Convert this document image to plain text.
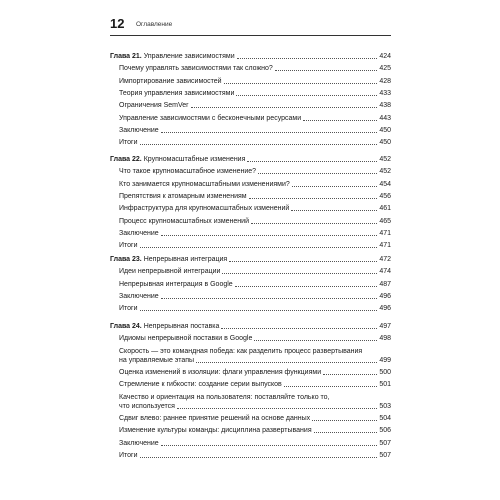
12 Оглавление
Глава 21. Управление зависимостями	424
Почему управлять зависимостями так сложно?	425
Импортирование зависимостей	428
Теория управления зависимостями	433
Ограничения SemVer	438
Управление зависимостями с бесконечными ресурсами	443
Заключение	450
Итоги	450
Глава 22. Крупномасштабные изменения	452
Что такое крупномасштабное изменение?	452
Кто занимается крупномасштабными изменениями?	454
Препятствия к атомарным изменениям	456
Инфраструктура для крупномасштабных изменений	461
Процесс крупномасштабных изменений	465
Заключение	471
Итоги	471
Глава 23. Непрерывная интеграция	472
Идеи непрерывной интеграции	474
Непрерывная интеграция в Google	487
Заключение	496
Итоги	496
Глава 24. Непрерывная поставка	497
Идиомы непрерывной поставки в Google	498
Скорость — это командная победа: как разделить процесс развертывания
на управляемые этапы	499
Оценка изменений в изоляции: флаги управления функциями	500
Стремление к гибкости: создание серии выпусков	501
Качество и ориентация на пользователя: поставляйте только то,
что используется	503
Сдвиг влево: раннее принятие решений на основе данных	504
Изменение культуры команды: дисциплина развертывания	506
Заключение	507
Итоги	507
